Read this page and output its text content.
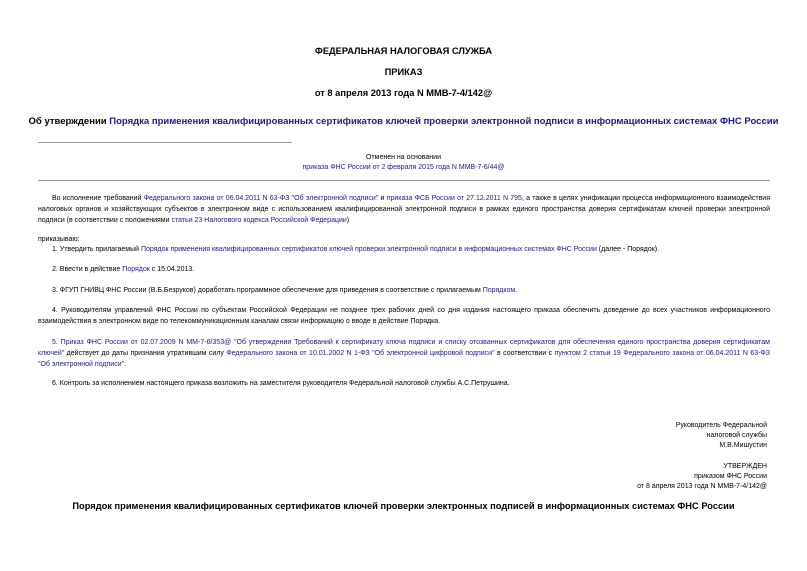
ФЕДЕРАЛЬНАЯ НАЛОГОВАЯ СЛУЖБА
ПРИКАЗ
от 8 апреля 2013 года N ММВ-7-4/142@
Об утверждении Порядка применения квалифицированных сертификатов ключей проверки электронной подписи в информационных системах ФНС России
Отменен на основании
приказа ФНС России от 2 февраля 2015 года N ММВ-7-6/44@
Во исполнение требований Федерального закона от 06.04.2011 N 63-ФЗ "Об электронной подписи" и приказа ФСБ России от 27.12.2011 N 795, а также в целях унификации процесса информационного взаимодействия налоговых органов и хозяйствующих субъектов в электронном виде с использованием квалифицированной электронной подписи в рамках единого пространства доверия сертификатам ключей проверки электронной подписи (в соответствии с положениями статьи 23 Налогового кодекса Российской Федерации)
приказываю:
1. Утвердить прилагаемый Порядок применения квалифицированных сертификатов ключей проверки электронной подписи в информационных системах ФНС России (далее - Порядок).
2. Ввести в действие Порядок с 15.04.2013.
3. ФГУП ГНИВЦ ФНС России (В.Б.Безруков) доработать программное обеспечение для приведения в соответствие с прилагаемым Порядком.
4. Руководителям управлений ФНС России по субъектам Российской Федерации не позднее трех рабочих дней со дня издания настоящего приказа обеспечить доведение до всех участников информационного взаимодействия в электронном виде по телекоммуникационным каналам связи информацию о вводе в действие Порядка.
5. Приказ ФНС России от 02.07.2009 N ММ-7-6/353@ "Об утверждении Требований к сертификату ключа подписи и списку отозванных сертификатов для обеспечения единого пространства доверия сертификатам ключей" действует до даты признания утратившим силу Федерального закона от 10.01.2002 N 1-ФЗ "Об электронной цифровой подписи" в соответствии с пунктом 2 статьи 19 Федерального закона от 06.04.2011 N 63-ФЗ "Об электронной подписи".
6. Контроль за исполнением настоящего приказа возложить на заместителя руководителя Федеральной налоговой службы А.С.Петрушина.
Руководитель Федеральной
налоговой службы
М.В.Мишустин
УТВЕРЖДЕН
приказом ФНС России
от 8 апреля 2013 года N ММВ-7-4/142@
Порядок применения квалифицированных сертификатов ключей проверки электронных подписей в информационных системах ФНС России
